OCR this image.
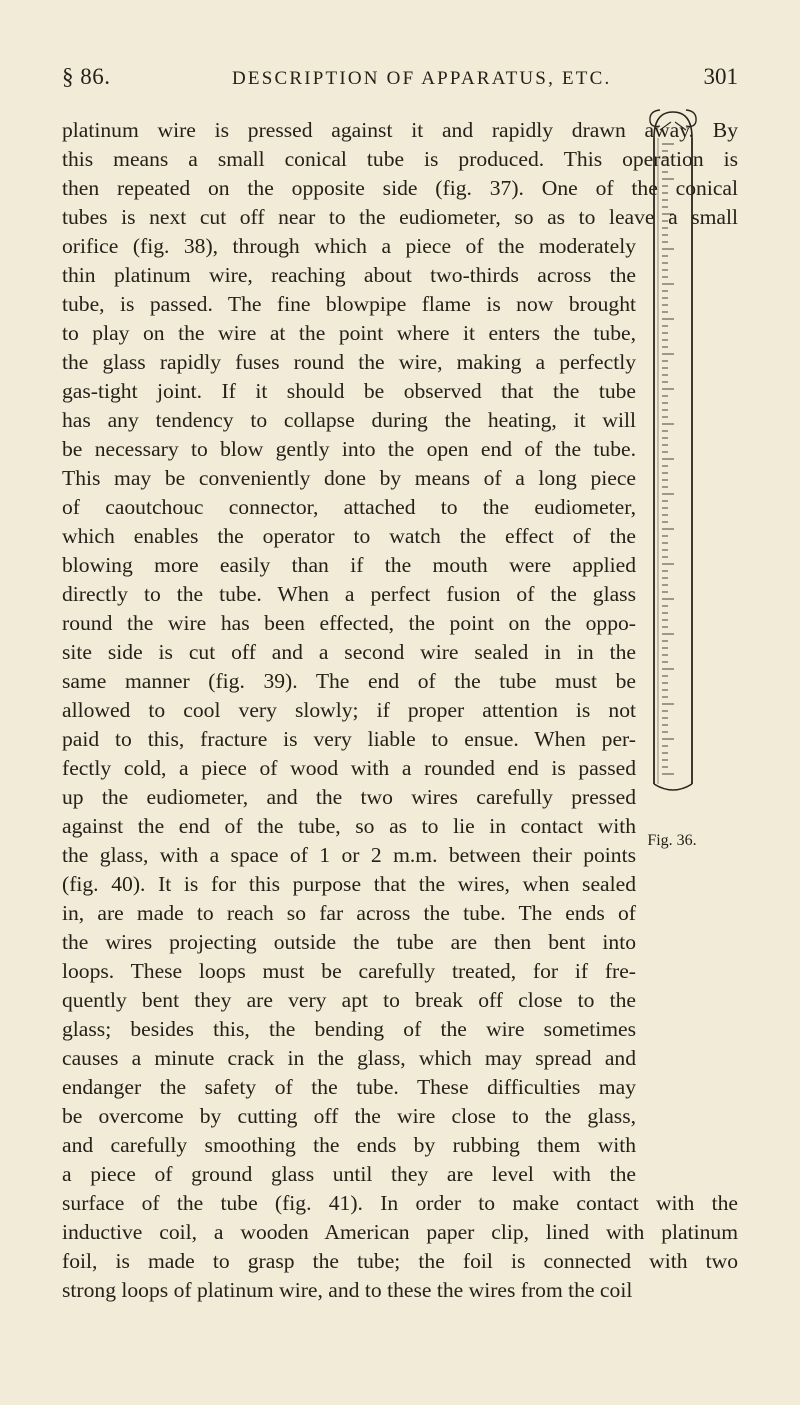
§ 86.	DESCRIPTION OF APPARATUS, ETC.	301
platinum wire is pressed against it and rapidly drawn away. By
this means a small conical tube is produced. This operation is
then repeated on the opposite side (fig. 37). One of the conical
tubes is next cut off near to the eudiometer, so as to leave a small
orifice (fig. 38), through which a piece of the moderately
thin platinum wire, reaching about two-thirds across the
tube, is passed. The fine blowpipe flame is now brought
to play on the wire at the point where it enters the tube,
the glass rapidly fuses round the wire, making a perfectly
gas-tight joint. If it should be observed that the tube
has any tendency to collapse during the heating, it will
be necessary to blow gently into the open end of the tube.
This may be conveniently done by means of a long piece
of caoutchouc connector, attached to the eudiometer,
which enables the operator to watch the effect of the
blowing more easily than if the mouth were applied
directly to the tube. When a perfect fusion of the glass
round the wire has been effected, the point on the oppo-
site side is cut off and a second wire sealed in in the
same manner (fig. 39). The end of the tube must be
allowed to cool very slowly; if proper attention is not
paid to this, fracture is very liable to ensue. When per-
fectly cold, a piece of wood with a rounded end is passed
up the eudiometer, and the two wires carefully pressed
against the end of the tube, so as to lie in contact with
the glass, with a space of 1 or 2 m.m. between their points
(fig. 40). It is for this purpose that the wires, when sealed
in, are made to reach so far across the tube. The ends of
the wires projecting outside the tube are then bent into
loops. These loops must be carefully treated, for if fre-
quently bent they are very apt to break off close to the
glass; besides this, the bending of the wire sometimes
causes a minute crack in the glass, which may spread and
endanger the safety of the tube. These difficulties may
be overcome by cutting off the wire close to the glass,
and carefully smoothing the ends by rubbing them with
a piece of ground glass until they are level with the
surface of the tube (fig. 41). In order to make contact with the
inductive coil, a wooden American paper clip, lined with platinum
foil, is made to grasp the tube; the foil is connected with two
strong loops of platinum wire, and to these the wires from the coil
Fig. 36.
